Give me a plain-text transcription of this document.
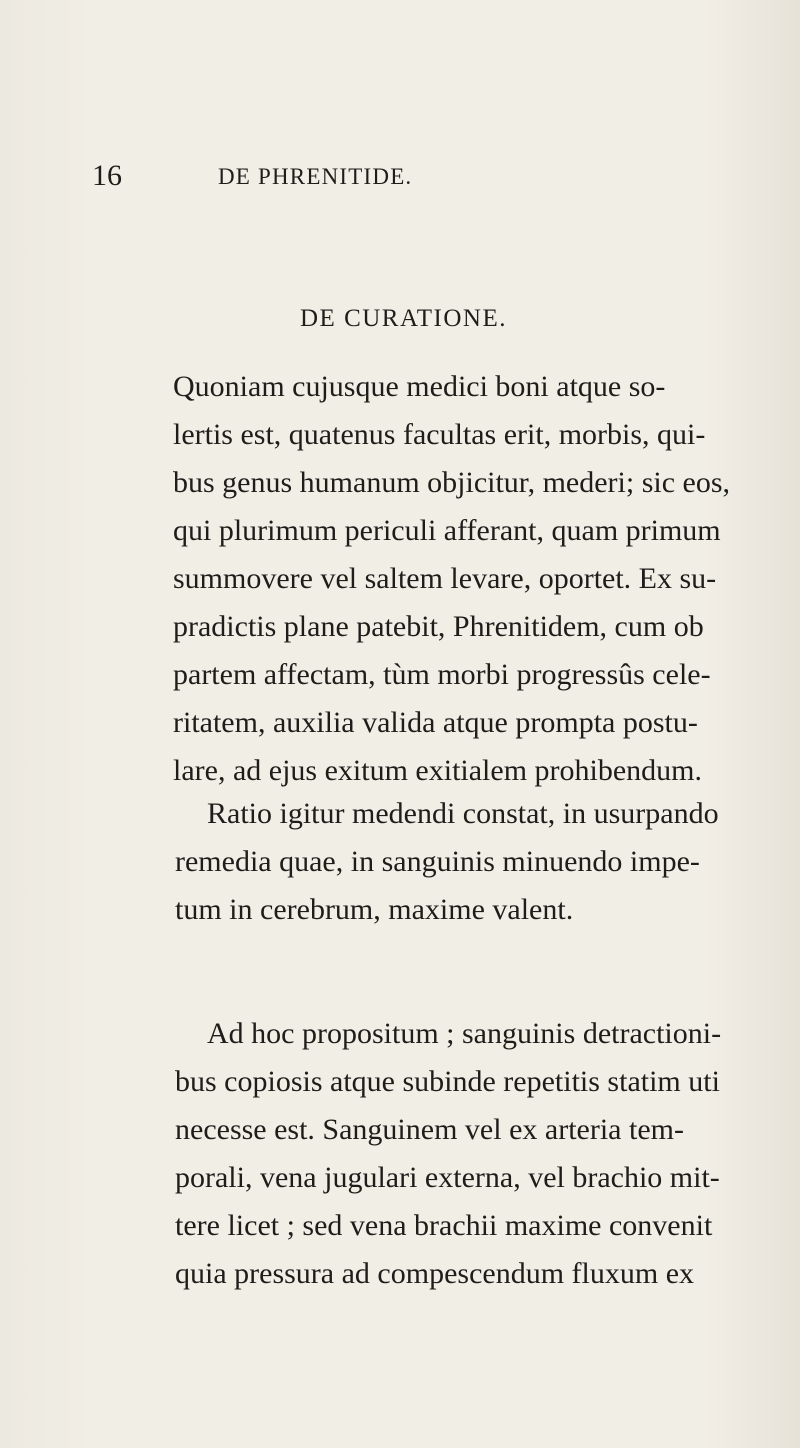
16	DE PHRENITIDE.
DE CURATIONE.
Quoniam cujusque medici boni atque so-
lertis est, quatenus facultas erit, morbis, qui-
bus genus humanum objicitur, mederi; sic eos,
qui plurimum periculi afferant, quam primum
summovere vel saltem levare, oportet. Ex su-
pradictis plane patebit, Phrenitidem, cum ob
partem affectam, tùm morbi progressûs cele-
ritatem, auxilia valida atque prompta postu-
lare, ad ejus exitum exitialem prohibendum.
Ratio igitur medendi constat, in usurpando
remedia quae, in sanguinis minuendo impe-
tum in cerebrum, maxime valent.
Ad hoc propositum ; sanguinis detractioni-
bus copiosis atque subinde repetitis statim uti
necesse est. Sanguinem vel ex arteria tem-
porali, vena jugulari externa, vel brachio mit-
tere licet ; sed vena brachii maxime convenit
quia pressura ad compescendum fluxum ex
